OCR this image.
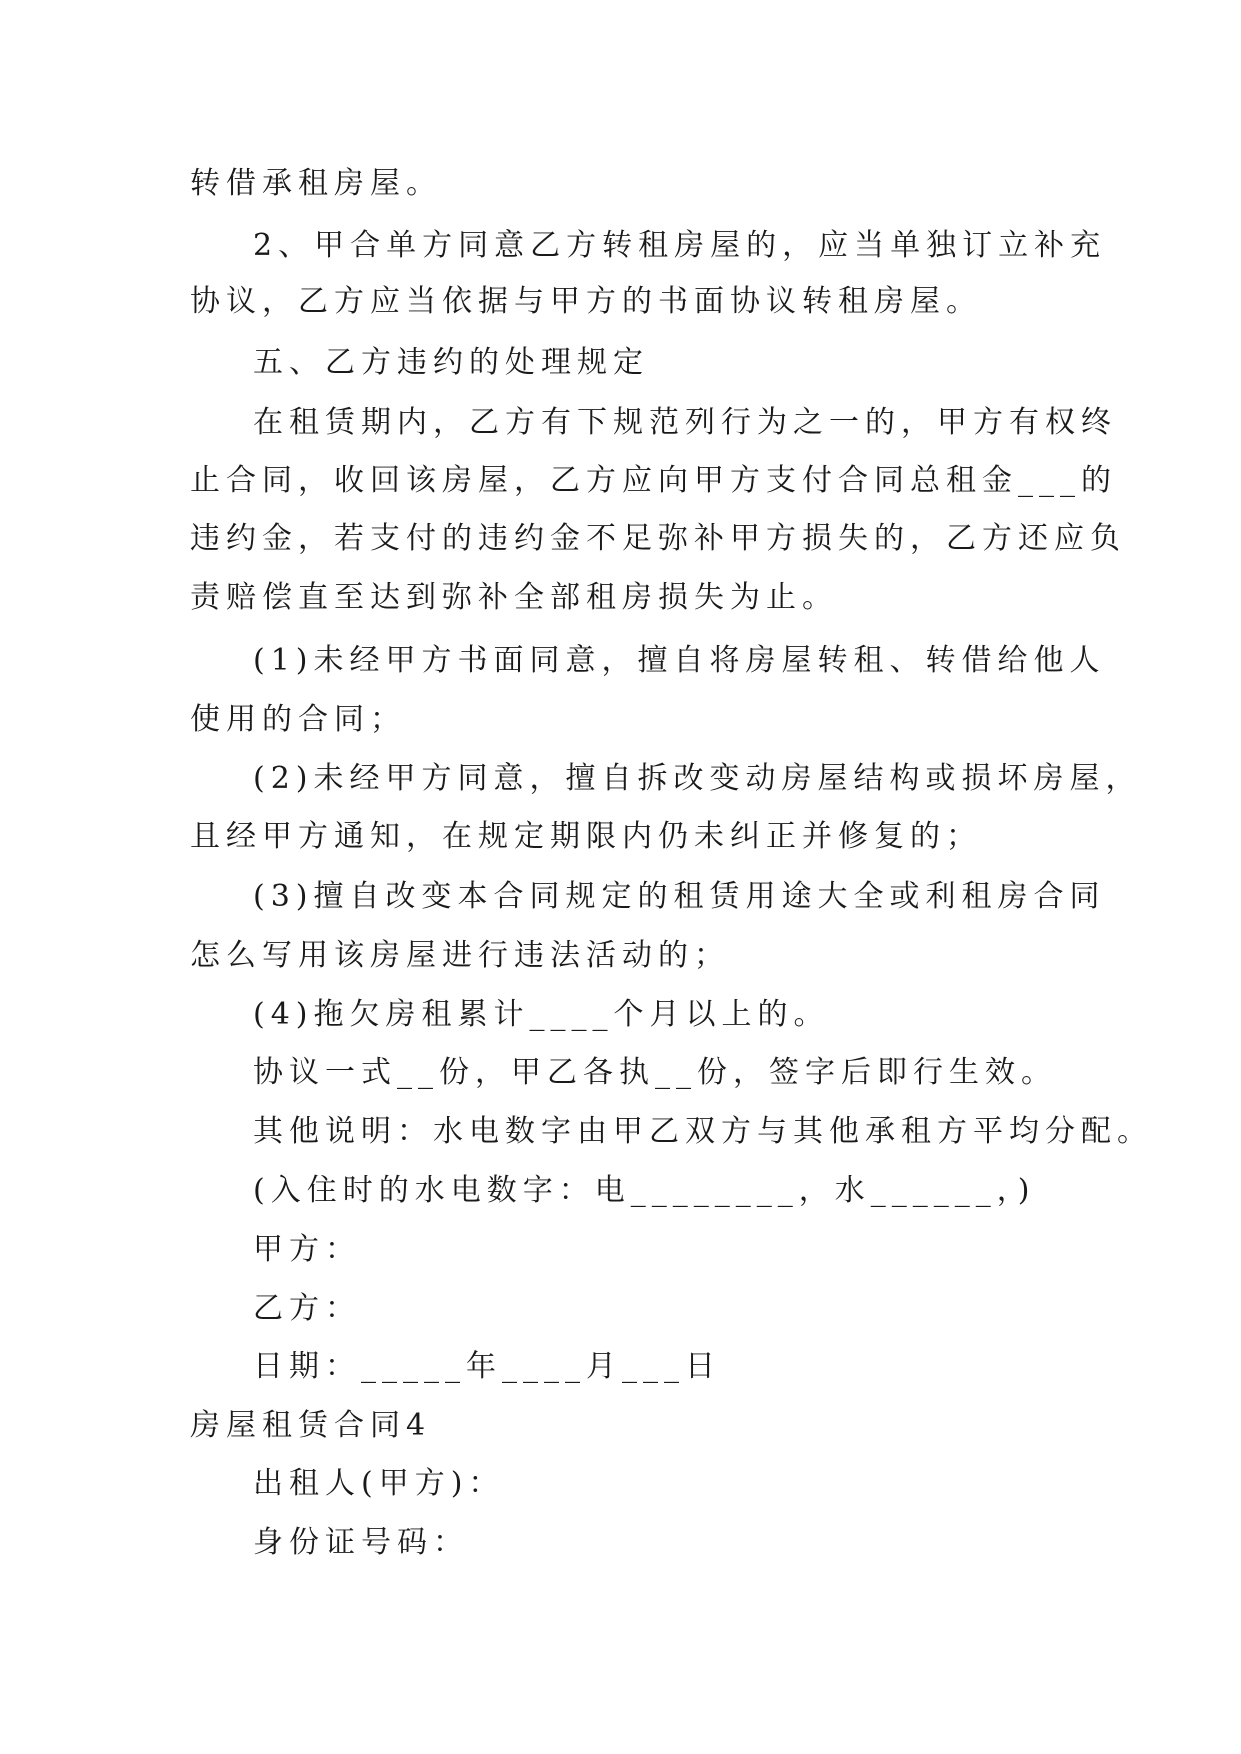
转借承租房屋。
2、甲合单方同意乙方转租房屋的，应当单独订立补充
协议，乙方应当依据与甲方的书面协议转租房屋。
五、乙方违约的处理规定
在租赁期内，乙方有下规范列行为之一的，甲方有权终
止合同，收回该房屋，乙方应向甲方支付合同总租金___的
违约金，若支付的违约金不足弥补甲方损失的，乙方还应负
责赔偿直至达到弥补全部租房损失为止。
(1)未经甲方书面同意，擅自将房屋转租、转借给他人
使用的合同；
(2)未经甲方同意，擅自拆改变动房屋结构或损坏房屋，
且经甲方通知，在规定期限内仍未纠正并修复的；
(3)擅自改变本合同规定的租赁用途大全或利租房合同
怎么写用该房屋进行违法活动的；
(4)拖欠房租累计____个月以上的。
协议一式__份，甲乙各执__份，签字后即行生效。
其他说明：水电数字由甲乙双方与其他承租方平均分配。
(入住时的水电数字：电________，水______，)
甲方：
乙方：
日期：_____年____月___日
房屋租赁合同4
出租人(甲方)：
身份证号码：
